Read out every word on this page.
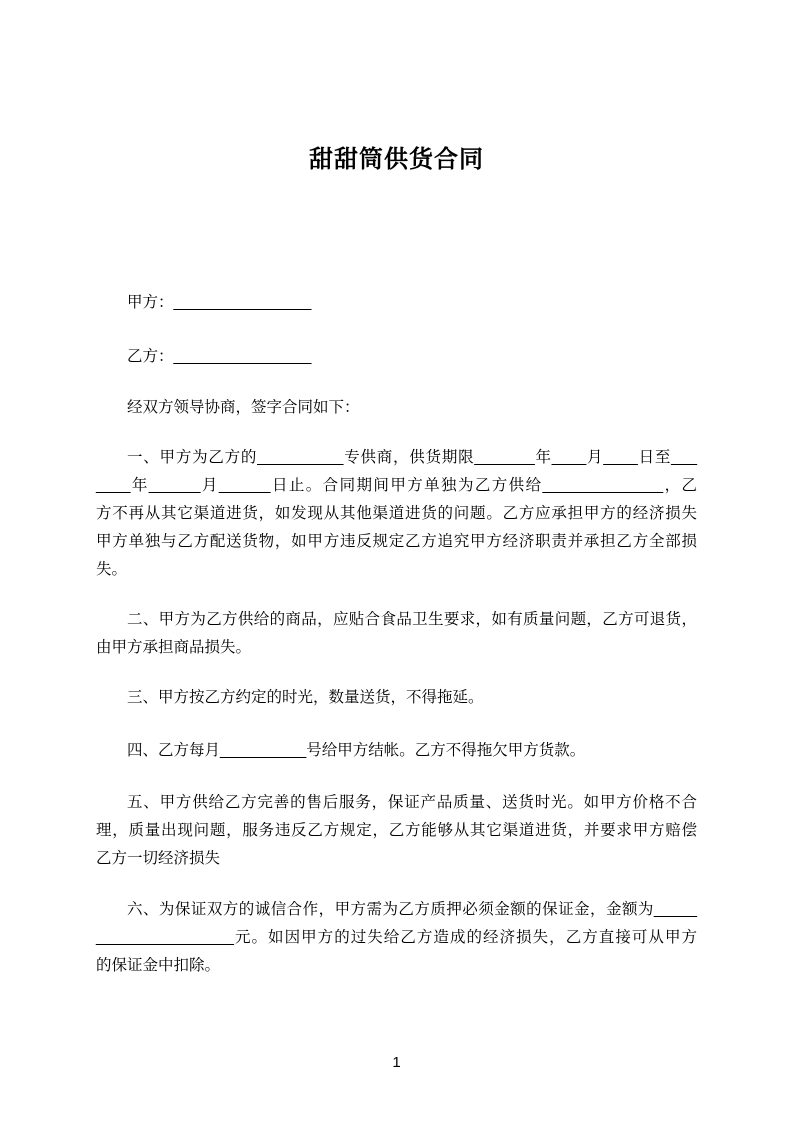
甜甜筒供货合同

甲方：________________

乙方：________________

经双方领导协商，签字合同如下：

一、甲方为乙方的__________专供商，供货期限_______年____月____日至___
____年______月______日止。合同期间甲方单独为乙方供给______________，乙
方不再从其它渠道进货，如发现从其他渠道进货的问题。乙方应承担甲方的经济损失
甲方单独与乙方配送货物，如甲方违反规定乙方追究甲方经济职责并承担乙方全部损
失。
二、甲方为乙方供给的商品，应贴合食品卫生要求，如有质量问题，乙方可退货，
由甲方承担商品损失。
三、甲方按乙方约定的时光，数量送货，不得拖延。
四、乙方每月__________号给甲方结帐。乙方不得拖欠甲方货款。
五、甲方供给乙方完善的售后服务，保证产品质量、送货时光。如甲方价格不合
理，质量出现问题，服务违反乙方规定，乙方能够从其它渠道进货，并要求甲方赔偿
乙方一切经济损失
六、为保证双方的诚信合作，甲方需为乙方质押必须金额的保证金，金额为_____
________________元。如因甲方的过失给乙方造成的经济损失，乙方直接可从甲方
的保证金中扣除。
1
